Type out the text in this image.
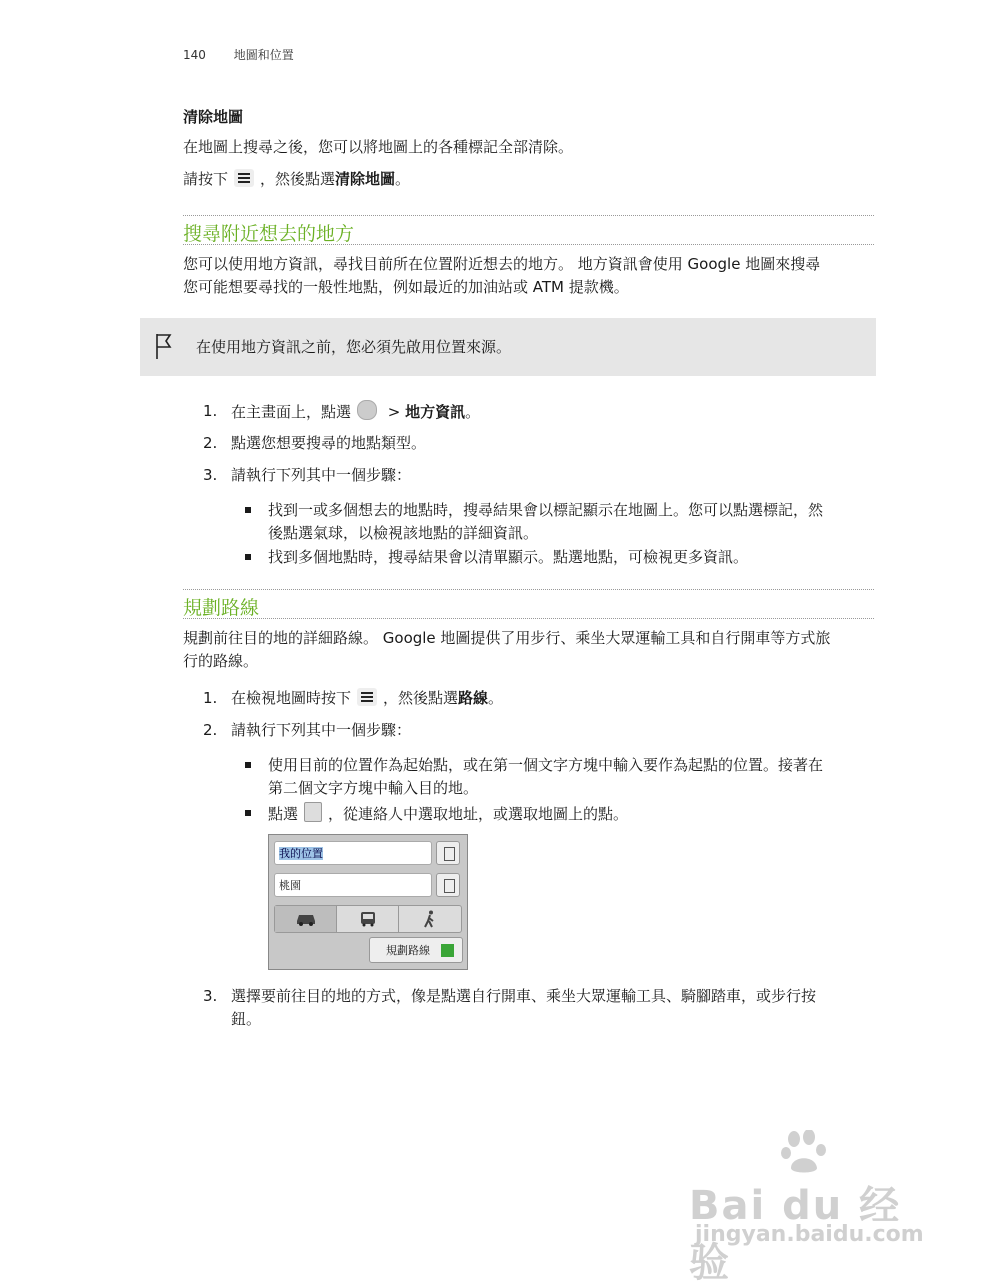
140 地圖和位置
清除地圖
在地圖上搜尋之後，您可以將地圖上的各種標記全部清除。
請按下 ，然後點選清除地圖。
搜尋附近想去的地方
您可以使用地方資訊，尋找目前所在位置附近想去的地方。 地方資訊會使用 Google 地圖來搜尋
您可能想要尋找的一般性地點，例如最近的加油站或 ATM 提款機。
在使用地方資訊之前，您必須先啟用位置來源。
1. 在主畫面上，點選 > 地方資訊。
2. 點選您想要搜尋的地點類型。
3. 請執行下列其中一個步驟：
找到一或多個想去的地點時，搜尋結果會以標記顯示在地圖上。您可以點選標記，然
後點選氣球，以檢視該地點的詳細資訊。
找到多個地點時，搜尋結果會以清單顯示。點選地點，可檢視更多資訊。
規劃路線
規劃前往目的地的詳細路線。 Google 地圖提供了用步行、乘坐大眾運輸工具和自行開車等方式旅
行的路線。
1. 在檢視地圖時按下 ，然後點選路線。
2. 請執行下列其中一個步驟：
使用目前的位置作為起始點，或在第一個文字方塊中輸入要作為起點的位置。接著在
第二個文字方塊中輸入目的地。
點選 ，從連絡人中選取地址，或選取地圖上的點。
我的位置
桃園
規劃路線
3. 選擇要前往目的地的方式，像是點選自行開車、乘坐大眾運輸工具、騎腳踏車，或步行按
鈕。
Bai du 经验
jingyan.baidu.com
